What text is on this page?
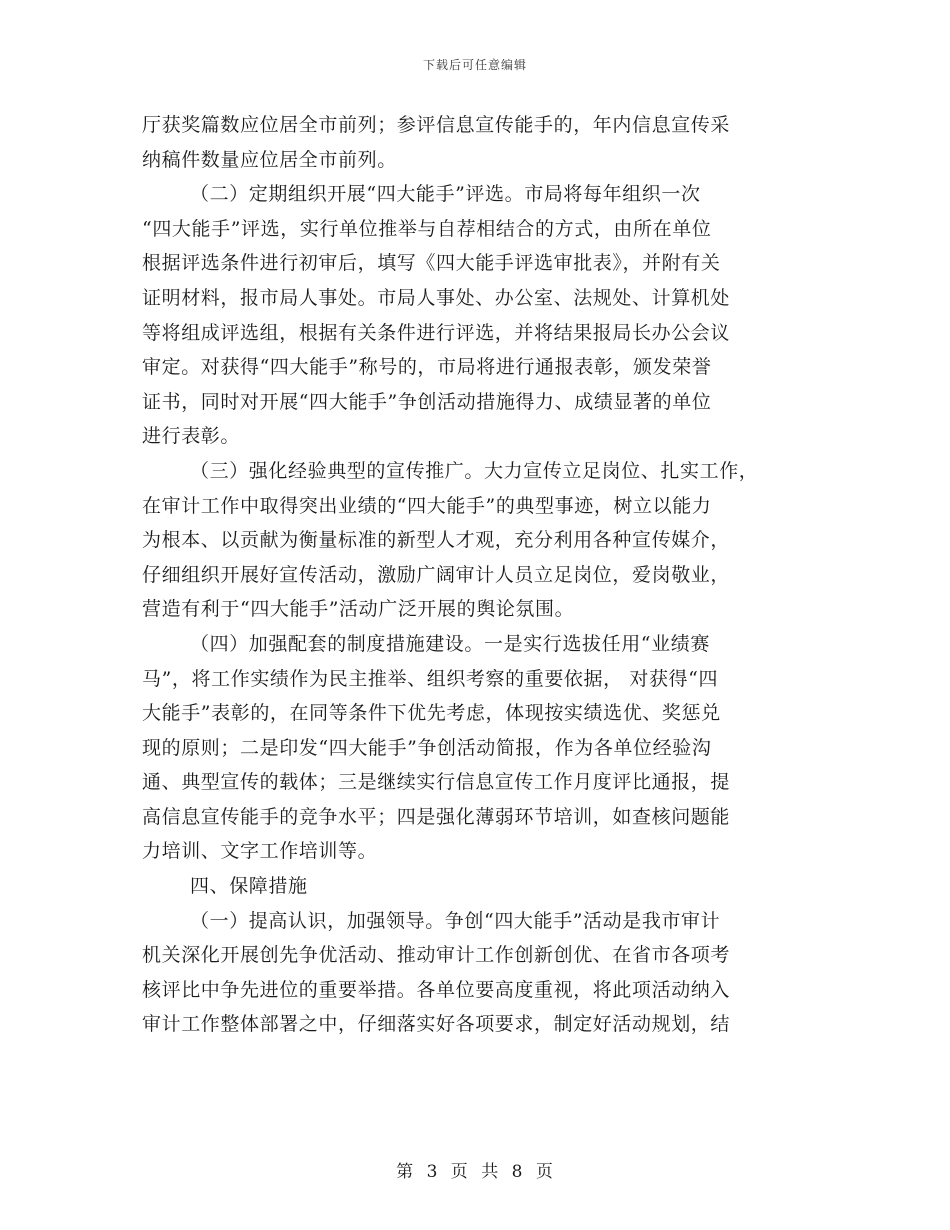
下载后可任意编辑
厅获奖篇数应位居全市前列；参评信息宣传能手的，年内信息宣传采
纳稿件数量应位居全市前列。
（二）定期组织开展“四大能手”评选。市局将每年组织一次
“四大能手”评选，实行单位推举与自荐相结合的方式，由所在单位
根据评选条件进行初审后，填写《四大能手评选审批表》，并附有关
证明材料，报市局人事处。市局人事处、办公室、法规处、计算机处
等将组成评选组，根据有关条件进行评选，并将结果报局长办公会议
审定。对获得“四大能手”称号的，市局将进行通报表彰，颁发荣誉
证书，同时对开展“四大能手”争创活动措施得力、成绩显著的单位
进行表彰。
（三）强化经验典型的宣传推广。大力宣传立足岗位、扎实工作，
在审计工作中取得突出业绩的“四大能手”的典型事迹，树立以能力
为根本、以贡献为衡量标准的新型人才观，充分利用各种宣传媒介，
仔细组织开展好宣传活动，激励广阔审计人员立足岗位，爱岗敬业，
营造有利于“四大能手”活动广泛开展的舆论氛围。
（四）加强配套的制度措施建设。一是实行选拔任用“业绩赛
马”，将工作实绩作为民主推举、组织考察的重要依据， 对获得“四
大能手”表彰的，在同等条件下优先考虑，体现按实绩选优、奖惩兑
现的原则；二是印发“四大能手”争创活动简报，作为各单位经验沟
通、典型宣传的载体；三是继续实行信息宣传工作月度评比通报，提
高信息宣传能手的竞争水平；四是强化薄弱环节培训，如查核问题能
力培训、文字工作培训等。
四、保障措施
（一）提高认识，加强领导。争创“四大能手”活动是我市审计
机关深化开展创先争优活动、推动审计工作创新创优、在省市各项考
核评比中争先进位的重要举措。各单位要高度重视，将此项活动纳入
审计工作整体部署之中，仔细落实好各项要求，制定好活动规划，结
第 3 页 共 8 页
